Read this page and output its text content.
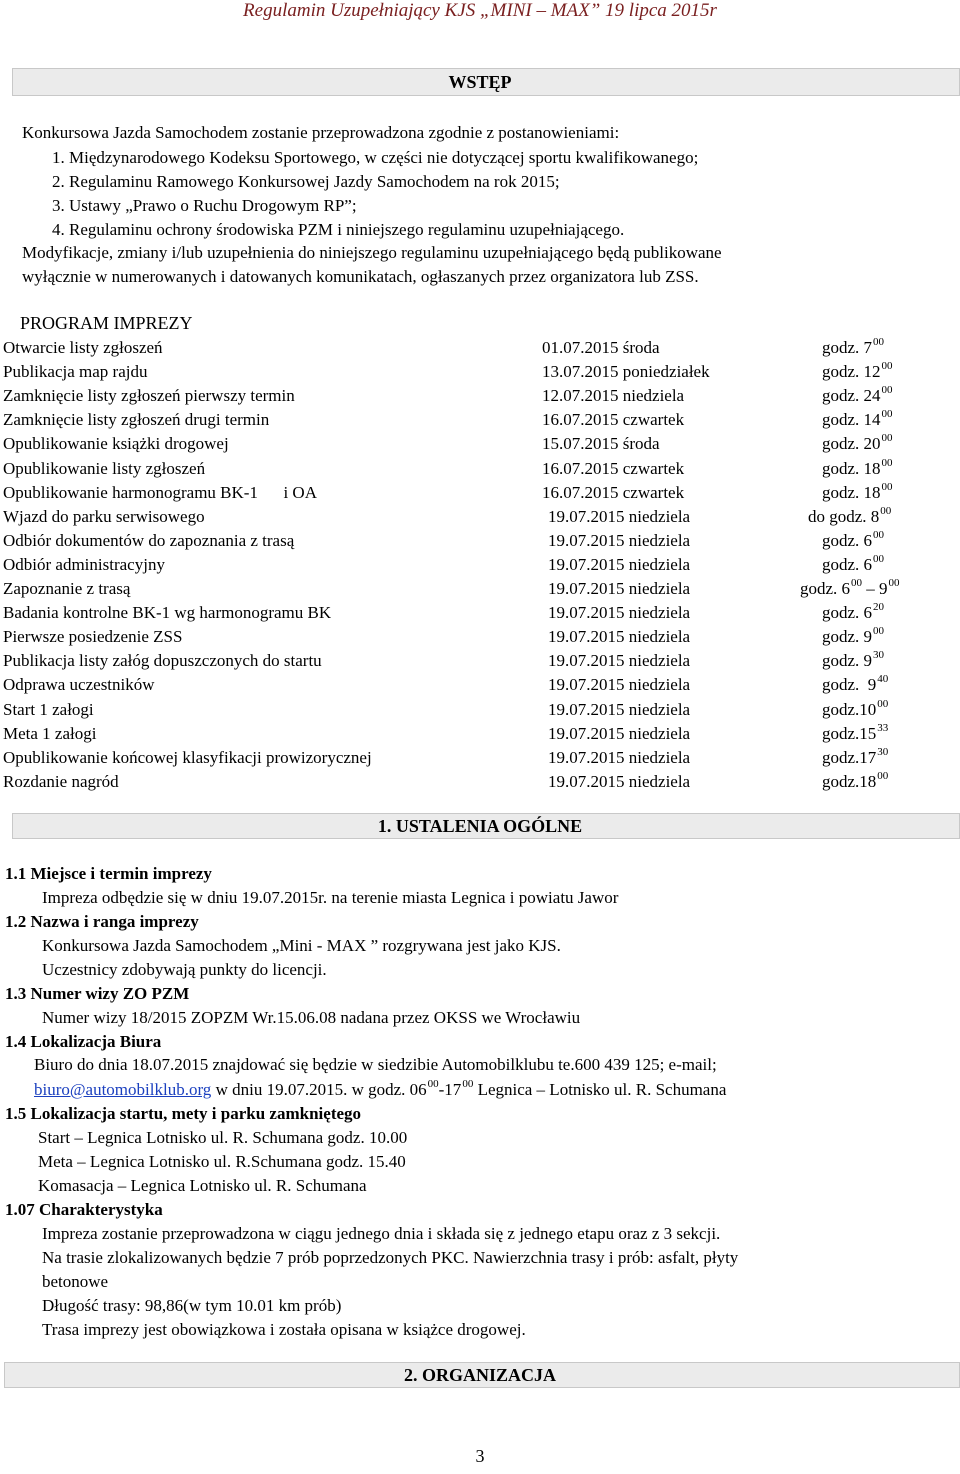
Regulamin Uzupełniający KJS „MINI – MAX” 19 lipca 2015r
WSTĘP
Konkursowa Jazda Samochodem zostanie przeprowadzona zgodnie z postanowieniami:
1. Międzynarodowego Kodeksu Sportowego, w części nie dotyczącej sportu kwalifikowanego;
2. Regulaminu Ramowego Konkursowej Jazdy Samochodem na rok 2015;
3. Ustawy „Prawo o Ruchu Drogowym RP”;
4. Regulaminu ochrony środowiska PZM i niniejszego regulaminu uzupełniającego.
Modyfikacje, zmiany i/lub uzupełnienia do niniejszego regulaminu uzupełniającego będą publikowane
wyłącznie w numerowanych i datowanych komunikatach, ogłaszanych przez organizatora lub ZSS.
PROGRAM IMPREZY
Otwarcie listy zgłoszeń	01.07.2015 środa	godz. $7^{00}$
Publikacja map rajdu	13.07.2015 poniedziałek	godz. $12^{00}$
Zamknięcie listy zgłoszeń pierwszy termin	12.07.2015 niedziela	godz. $24^{00}$
Zamknięcie listy zgłoszeń drugi termin	16.07.2015 czwartek	godz. $14^{00}$
Opublikowanie książki drogowej	15.07.2015 środa	godz. $20^{00}$
Opublikowanie listy zgłoszeń	16.07.2015 czwartek	godz. $18^{00}$
Opublikowanie harmonogramu BK-1      i OA	16.07.2015 czwartek	godz. $18^{00}$
Wjazd do parku serwisowego	19.07.2015 niedziela	do godz. $8^{00}$
Odbiór dokumentów do zapoznania z trasą	19.07.2015 niedziela	godz. $6^{00}$
Odbiór administracyjny	19.07.2015 niedziela	godz. $6^{00}$
Zapoznanie z trasą	19.07.2015 niedziela	godz. $6^{00} - 9^{00}$
Badania kontrolne BK-1 wg harmonogramu BK	19.07.2015 niedziela	godz. $6^{20}$
Pierwsze posiedzenie ZSS	19.07.2015 niedziela	godz. $9^{00}$
Publikacja listy załóg dopuszczonych do startu	19.07.2015 niedziela	godz. $9^{30}$
Odprawa uczestników	19.07.2015 niedziela	godz.  $9^{40}$
Start 1 załogi	19.07.2015 niedziela	$godz.10^{00}$
Meta 1 załogi	19.07.2015 niedziela	$godz.15^{33}$
Opublikowanie końcowej klasyfikacji prowizorycznej	19.07.2015 niedziela	$godz.17^{30}$
Rozdanie nagród	19.07.2015 niedziela	$godz.18^{00}$
1. USTALENIA OGÓLNE
1.1 Miejsce i termin imprezy
Impreza odbędzie się w dniu 19.07.2015r. na terenie miasta Legnica i powiatu Jawor
1.2 Nazwa i ranga imprezy
Konkursowa Jazda Samochodem „Mini - MAX ” rozgrywana jest jako KJS.
Uczestnicy zdobywają punkty do licencji.
1.3 Numer wizy ZO PZM
Numer wizy 18/2015 ZOPZM Wr.15.06.08 nadana przez OKSS we Wrocławiu
1.4 Lokalizacja Biura
Biuro do dnia 18.07.2015 znajdować się będzie w siedzibie Automobilklubu te.600 439 125; e-mail;
biuro@automobilklub.org w dniu 19.07.2015. w godz. $06^{00}-17^{00}$ Legnica – Lotnisko ul. R. Schumana
1.5 Lokalizacja startu, mety i parku zamkniętego
Start – Legnica Lotnisko ul. R. Schumana godz. 10.00
Meta – Legnica Lotnisko ul. R.Schumana godz. 15.40
Komasacja – Legnica Lotnisko ul. R. Schumana
1.07 Charakterystyka
Impreza zostanie przeprowadzona w ciągu jednego dnia i składa się z jednego etapu oraz z 3 sekcji.
Na trasie zlokalizowanych będzie 7 prób poprzedzonych PKC. Nawierzchnia trasy i prób: asfalt, płyty
betonowe
Długość trasy: 98,86(w tym 10.01 km prób)
Trasa imprezy jest obowiązkowa i została opisana w książce drogowej.
2. ORGANIZACJA
3
